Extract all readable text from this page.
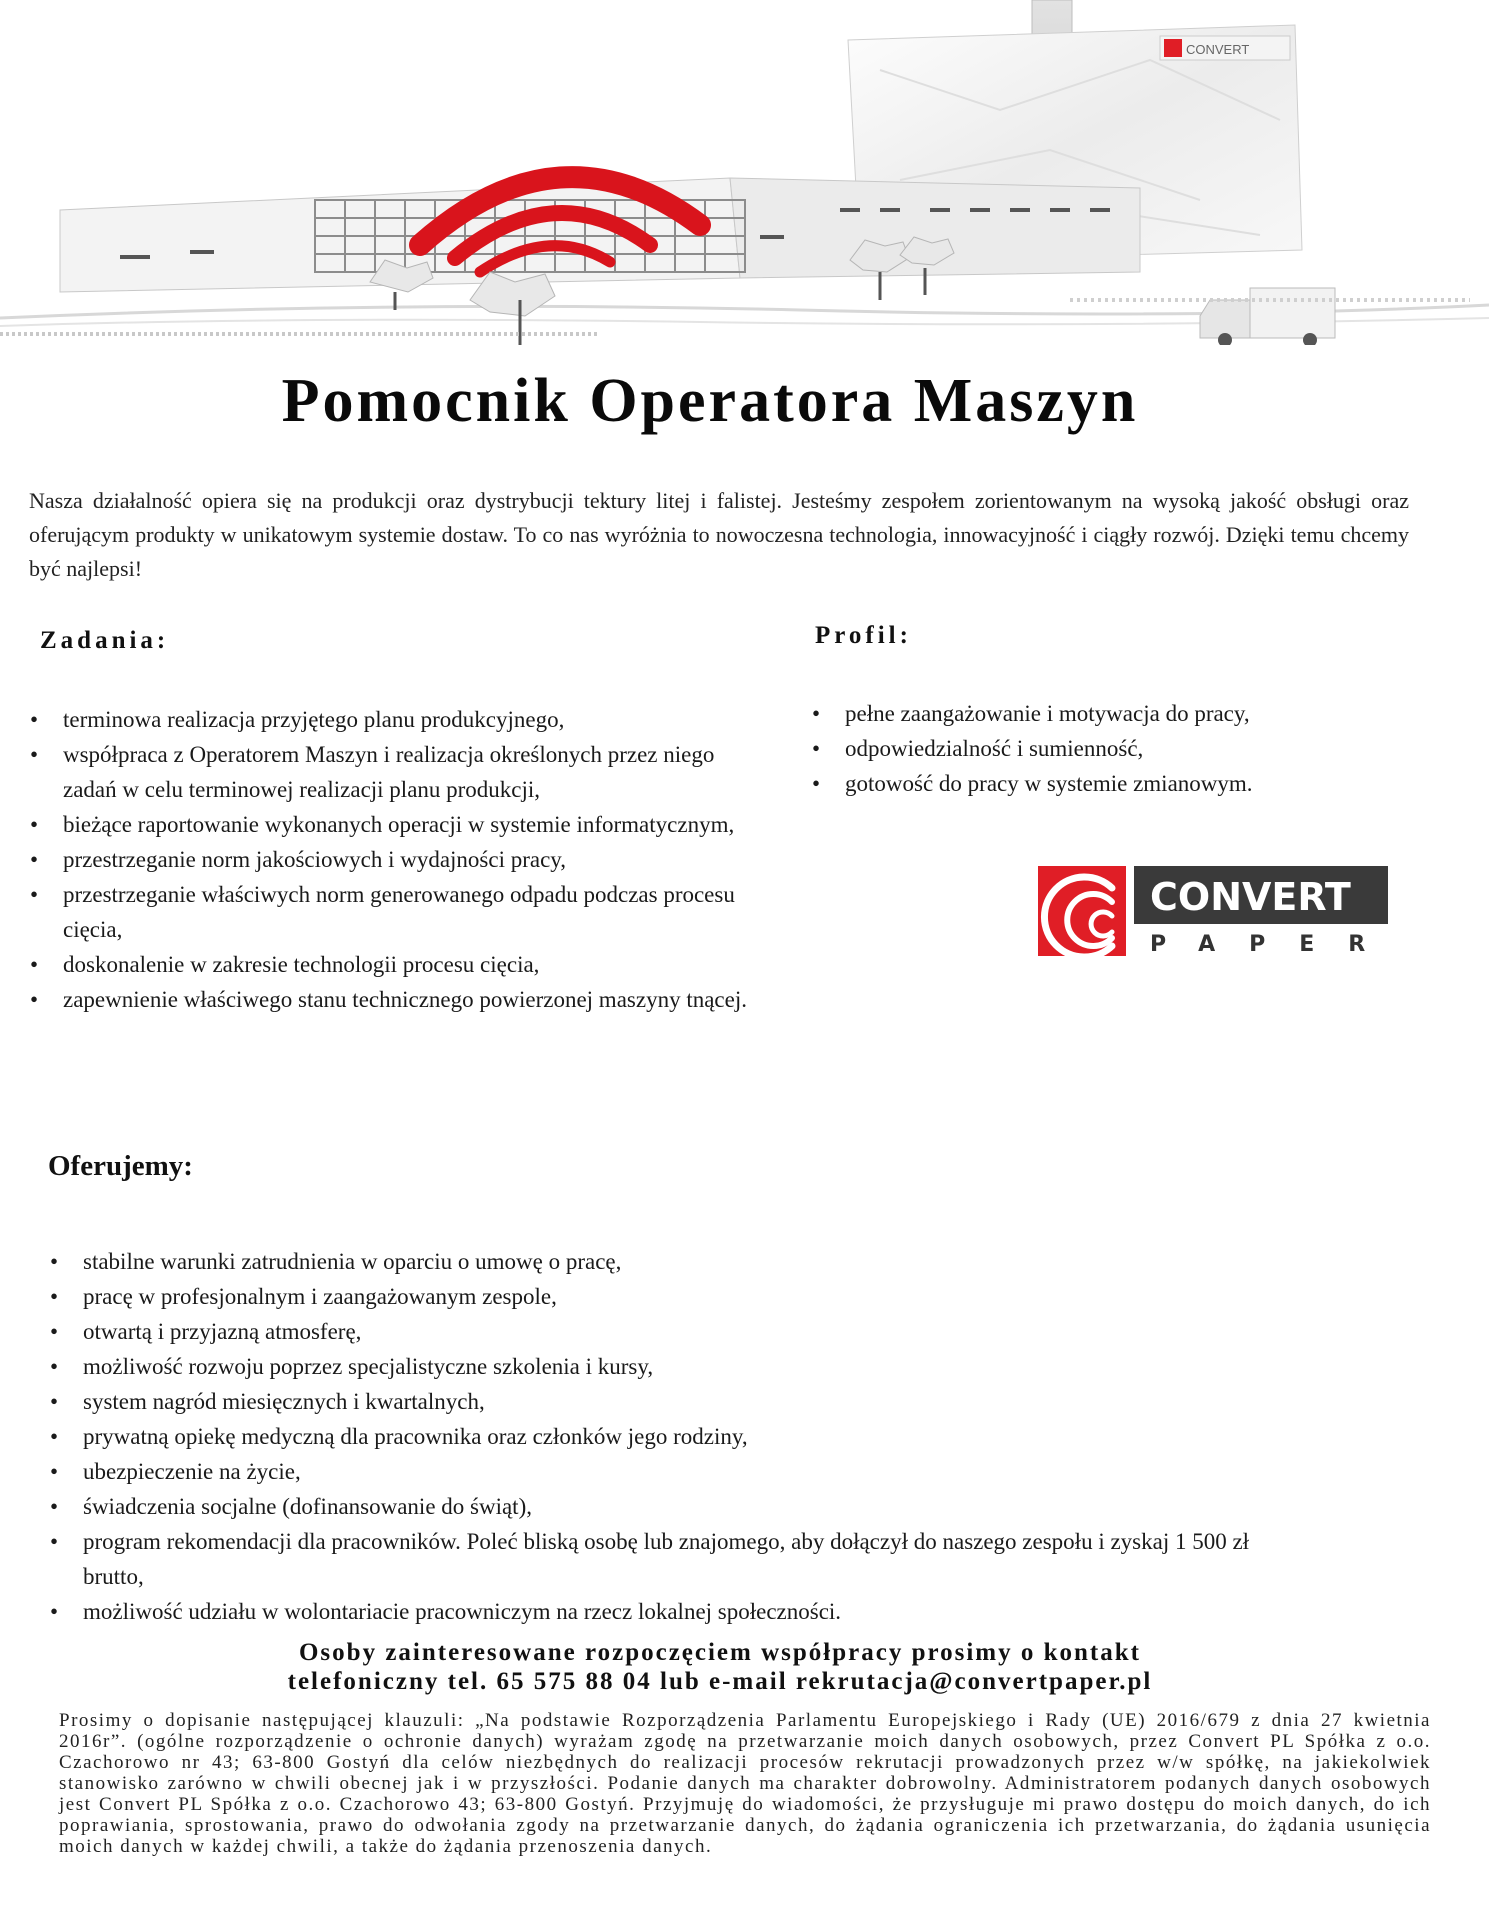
CONVERT
Pomocnik Operatora Maszyn
Nasza działalność opiera się na produkcji oraz dystrybucji tektury litej i falistej. Jesteśmy zespołem zorientowanym na wysoką jakość obsługi oraz oferującym produkty w unikatowym systemie dostaw. To co nas wyróżnia to nowoczesna technologia, innowacyjność i ciągły rozwój. Dzięki temu chcemy być najlepsi!
Zadania:
•	terminowa realizacja przyjętego planu produkcyjnego,
•	współpraca z Operatorem Maszyn i realizacja określonych przez niego zadań w celu terminowej realizacji planu produkcji,
•	bieżące raportowanie wykonanych operacji w systemie informatycznym,
•	przestrzeganie norm jakościowych i wydajności pracy,
•	przestrzeganie właściwych norm generowanego odpadu podczas procesu cięcia,
•	doskonalenie w zakresie technologii procesu cięcia,
•	zapewnienie właściwego stanu technicznego powierzonej maszyny tnącej.
Profil:
•	pełne zaangażowanie i motywacja do pracy,
•	odpowiedzialność i sumienność,
•	gotowość do pracy w systemie zmianowym.
CONVERT
PAPER
Oferujemy:
•	stabilne warunki zatrudnienia w oparciu o umowę o pracę,
•	pracę w profesjonalnym i zaangażowanym zespole,
•	otwartą i przyjazną atmosferę,
•	możliwość rozwoju poprzez specjalistyczne szkolenia i kursy,
•	system nagród miesięcznych i kwartalnych,
•	prywatną opiekę medyczną dla pracownika oraz członków jego rodziny,
•	ubezpieczenie na życie,
•	świadczenia socjalne (dofinansowanie do świąt),
•	program rekomendacji dla pracowników. Poleć bliską osobę lub znajomego, aby dołączył do naszego zespołu i zyskaj 1 500 zł brutto,
•	możliwość udziału w wolontariacie pracowniczym na rzecz lokalnej społeczności.
Osoby zainteresowane rozpoczęciem współpracy prosimy o kontakt
telefoniczny tel. 65 575 88 04 lub e-mail rekrutacja@convertpaper.pl
Prosimy o dopisanie następującej klauzuli: „Na podstawie Rozporządzenia Parlamentu Europejskiego i Rady (UE) 2016/679 z dnia 27 kwietnia 2016r”. (ogólne rozporządzenie o ochronie danych) wyrażam zgodę na przetwarzanie moich danych osobowych, przez Convert PL Spółka z o.o. Czachorowo nr 43; 63-800 Gostyń dla celów niezbędnych do realizacji procesów rekrutacji prowadzonych przez w/w spółkę, na jakiekolwiek stanowisko zarówno w chwili obecnej jak i w przyszłości. Podanie danych ma charakter dobrowolny. Administratorem podanych danych osobowych jest Convert PL Spółka z o.o. Czachorowo 43; 63-800 Gostyń. Przyjmuję do wiadomości, że przysługuje mi prawo dostępu do moich danych, do ich poprawiania, sprostowania, prawo do odwołania zgody na przetwarzanie danych, do żądania ograniczenia ich przetwarzania, do żądania usunięcia moich danych w każdej chwili, a także do żądania przenoszenia danych.
